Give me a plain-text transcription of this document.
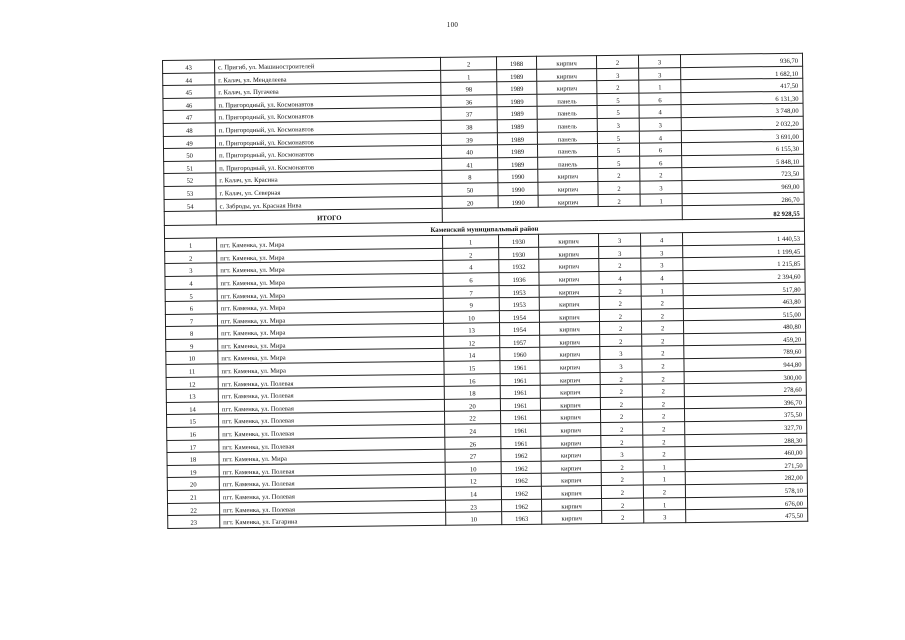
100
43	с. Пригиб, ул. Машиностроителей	2	1988	кирпич	2	3	936,70
44	г. Калач, ул. Менделеева	1	1989	кирпич	3	3	1 682,10
45	г. Калач, ул. Пугачева	98	1989	кирпич	2	1	417,50
46	п. Пригородный, ул. Космонавтов	36	1989	панель	5	6	6 131,30
47	п. Пригородный, ул. Космонавтов	37	1989	панель	5	4	3 748,00
48	п. Пригородный, ул. Космонавтов	38	1989	панель	3	3	2 032,20
49	п. Пригородный, ул. Космонавтов	39	1989	панель	5	4	3 691,00
50	п. Пригородный, ул. Космонавтов	40	1989	панель	5	6	6 155,30
51	п. Пригородный, ул. Космонавтов	41	1989	панель	5	6	5 848,10
52	г. Калач, ул. Красина	8	1990	кирпич	2	2	723,50
53	г. Калач, ул. Северная	50	1990	кирпич	2	3	969,00
54	с. Заброды, ул. Красная Нива	20	1990	кирпич	2	1	286,70
	ИТОГО						82 928,55
Каменский муниципальный район							
1	пгт. Каменка, ул. Мира	1	1930	кирпич	3	4	1 440,53
2	пгт. Каменка, ул. Мира	2	1930	кирпич	3	3	1 199,45
3	пгт. Каменка, ул. Мира	4	1932	кирпич	2	3	1 215,85
4	пгт. Каменка, ул. Мира	6	1936	кирпич	4	4	2 394,60
5	пгт. Каменка, ул. Мира	7	1953	кирпич	2	1	517,80
6	пгт. Каменка, ул. Мира	9	1953	кирпич	2	2	463,80
7	пгт. Каменка, ул. Мира	10	1954	кирпич	2	2	515,00
8	пгт. Каменка, ул. Мира	13	1954	кирпич	2	2	480,80
9	пгт. Каменка, ул. Мира	12	1957	кирпич	2	2	459,20
10	пгт. Каменка, ул. Мира	14	1960	кирпич	3	2	789,60
11	пгт. Каменка, ул. Мира	15	1961	кирпич	3	2	944,80
12	пгт. Каменка, ул. Полевая	16	1961	кирпич	2	2	300,00
13	пгт. Каменка, ул. Полевая	18	1961	кирпич	2	2	278,60
14	пгт. Каменка, ул. Полевая	20	1961	кирпич	2	2	396,70
15	пгт. Каменка, ул. Полевая	22	1961	кирпич	2	2	375,50
16	пгт. Каменка, ул. Полевая	24	1961	кирпич	2	2	327,70
17	пгт. Каменка, ул. Полевая	26	1961	кирпич	2	2	288,30
18	пгт. Каменка, ул. Мира	27	1962	кирпич	3	2	460,00
19	пгт. Каменка, ул. Полевая	10	1962	кирпич	2	1	271,50
20	пгт. Каменка, ул. Полевая	12	1962	кирпич	2	1	282,00
21	пгт. Каменка, ул. Полевая	14	1962	кирпич	2	2	578,10
22	пгт. Каменка, ул. Полевая	23	1962	кирпич	2	1	676,00
23	пгт. Каменка, ул. Гагарина	10	1963	кирпич	2	3	475,50
